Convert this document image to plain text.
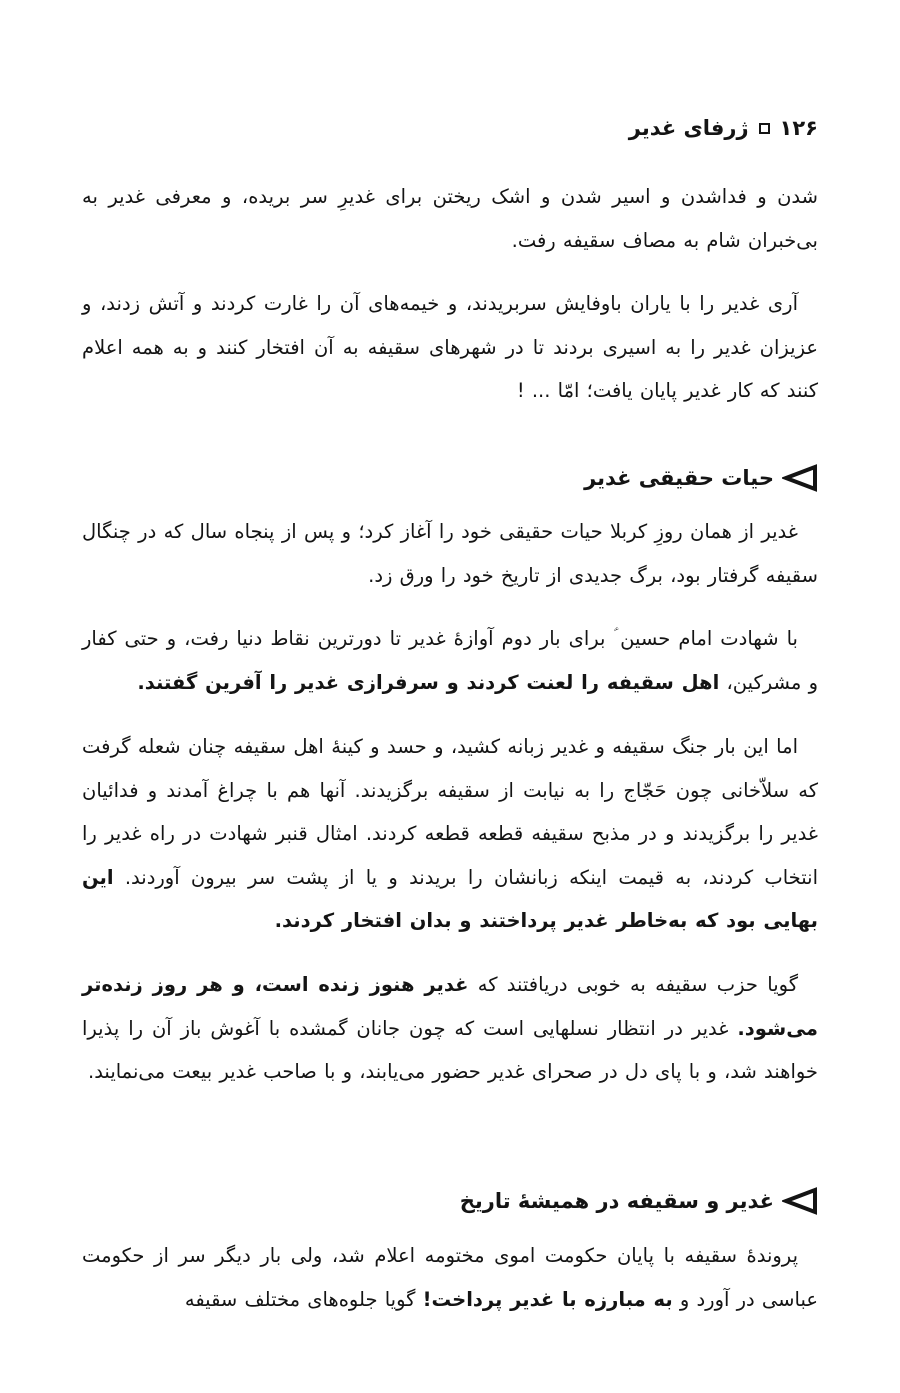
۱۲۶
ژرفای غدیر

شدن و فداشدن و اسیر شدن و اشک ریختن برای غدیرِ سر بریده، و معرفی غدیر به بی‌خبران شام به مصاف سقیفه رفت.

آری غدیر را با یاران باوفایش سربریدند، و خیمه‌های آن را غارت کردند و آتش زدند، و عزیزان غدیر را به اسیری بردند تا در شهرهای سقیفه به آن افتخار کنند و به همه اعلام کنند که کار غدیر پایان یافت؛ امّا ... !

حیات حقیقی غدیر

غدیر از همان روزِ کربلا حیات حقیقی خود را آغاز کرد؛ و پس از پنجاه سال که در چنگال سقیفه گرفتار بود، برگ جدیدی از تاریخ خود را ورق زد.

با شهادت امام حسین ؑ برای بار دوم آوازهٔ غدیر تا دورترین نقاط دنیا رفت، و حتی کفار و مشرکین، اهل سقیفه را لعنت کردند و سرفرازی غدیر را آفرین گفتند.

اما این بار جنگ سقیفه و غدیر زبانه کشید، و حسد و کینهٔ اهل سقیفه چنان شعله گرفت که سلاّخانی چون حَجّاج را به نیابت از سقیفه برگزیدند. آنها هم با چراغ آمدند و فدائیان غدیر را برگزیدند و در مذبح سقیفه قطعه قطعه کردند. امثال قنبر شهادت در راه غدیر را انتخاب کردند، به قیمت اینکه زبانشان را بریدند و یا از پشت سر بیرون آوردند. این بهایی بود که به‌خاطر غدیر پرداختند و بدان افتخار کردند.

گویا حزب سقیفه به خوبی دریافتند که غدیر هنوز زنده است، و هر روز زنده‌تر می‌شود. غدیر در انتظار نسلهایی است که چون جانان گمشده با آغوش باز آن را پذیرا خواهند شد، و با پای دل در صحرای غدیر حضور می‌یابند، و با صاحب غدیر بیعت می‌نمایند.

غدیر و سقیفه در همیشهٔ تاریخ

پروندهٔ سقیفه با پایان حکومت اموی مختومه اعلام شد، ولی بار دیگر سر از حکومت عباسی در آورد و به مبارزه با غدیر پرداخت! گویا جلوه‌های مختلف سقیفه
